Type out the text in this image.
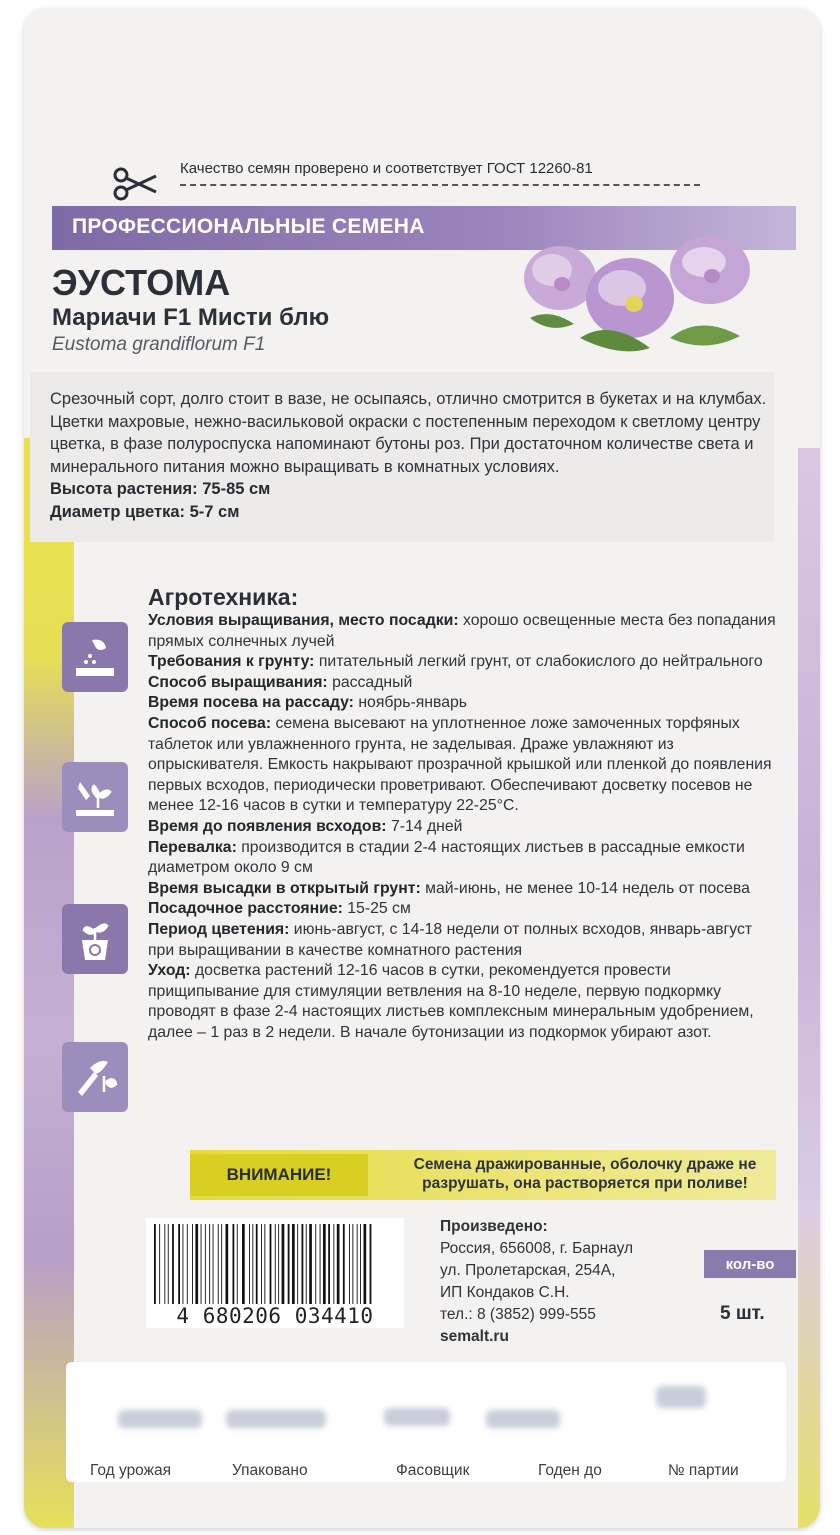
Качество семян проверено и соответствует ГОСТ 12260-81
ПРОФЕССИОНАЛЬНЫЕ СЕМЕНА
ЭУСТОМА
Мариачи F1 Мисти блю
Eustoma grandiflorum F1

Срезочный сорт, долго стоит в вазе, не осыпаясь, отлично смотрится в букетах и на клумбах. Цветки махровые, нежно-васильковой окраски с постепенным переходом к светлому центру цветка, в фазе полуроспуска напоминают бутоны роз. При достаточном количестве света и минерального питания можно выращивать в комнатных условиях.

Высота растения: 75-85 см

Диаметр цветка: 5-7 см

Агротехника:

Условия выращивания, место посадки: хорошо освещенные места без попадания прямых солнечных лучей

Требования к грунту: питательный легкий грунт, от слабокислого до нейтрального

Способ выращивания: рассадный

Время посева на рассаду: ноябрь-январь

Способ посева: семена высевают на уплотненное ложе замоченных торфяных таблеток или увлажненного грунта, не заделывая. Драже увлажняют из опрыскивателя. Емкость накрывают прозрачной крышкой или пленкой до появления первых всходов, периодически проветривают. Обеспечивают досветку посевов не менее 12-16 часов в сутки и температуру 22-25°С.

Время до появления всходов: 7-14 дней

Перевалка: производится в стадии 2-4 настоящих листьев в рассадные емкости диаметром около 9 см

Время высадки в открытый грунт: май-июнь, не менее 10-14 недель от посева

Посадочное расстояние: 15-25 см

Период цветения: июнь-август, с 14-18 недели от полных всходов, январь-август при выращивании в качестве комнатного растения

Уход: досветка растений 12-16 часов в сутки, рекомендуется провести прищипывание для стимуляции ветвления на 8-10 неделе, первую подкормку проводят в фазе 2-4 настоящих листьев комплексным минеральным удобрением, далее – 1 раз в 2 недели. В начале бутонизации из подкормок убирают азот.

ВНИМАНИЕ!
Семена дражированные, оболочку драже не разрушать, она растворяется при поливе!
4 680206 034410
Произведено:
Россия, 656008, г. Барнаул
ул. Пролетарская, 254А,
ИП Кондаков С.Н.
тел.: 8 (3852) 999-555
semalt.ru
кол-во
5 шт.
Год урожая	Упаковано	Фасовщик	Годен до	№ партии
